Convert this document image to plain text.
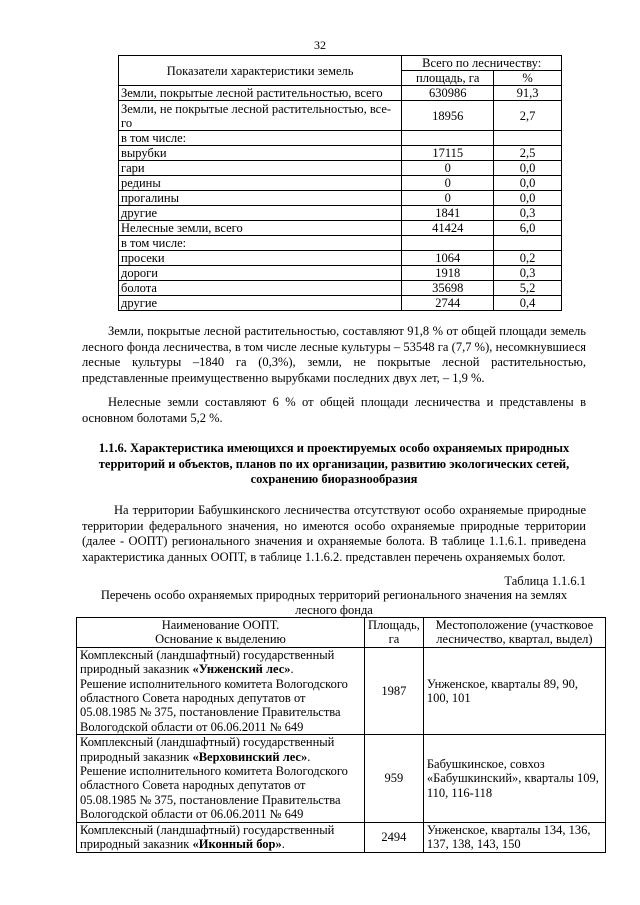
32
Показатели характеристики земель	Всего по лесничеству:	
	площадь, га	%
Земли, покрытые лесной растительностью, всего	630986	91,3
Земли, не покрытые лесной растительностью, все-
го	18956	2,7
в том числе:		
вырубки	17115	2,5
гари	0	0,0
редины	0	0,0
прогалины	0	0,0
другие	1841	0,3
Нелесные земли, всего	41424	6,0
в том числе:		
просеки	1064	0,2
дороги	1918	0,3
болота	35698	5,2
другие	2744	0,4
Земли, покрытые лесной растительностью, составляют 91,8 % от общей площади земель лесного фонда лесничества, в том числе лесные культуры – 53548 га (7,7 %), несомкнувшиеся лесные культуры –1840 га (0,3%), земли, не покрытые лесной растительностью, представленные преимущественно вырубками последних двух лет, – 1,9 %.
Нелесные земли составляют 6 % от общей площади лесничества и представлены в основном болотами 5,2 %.
1.1.6. Характеристика имеющихся и проектируемых особо охраняемых природных территорий и объектов, планов по их организации, развитию экологических сетей, сохранению биоразнообразия
На территории Бабушкинского лесничества отсутствуют особо охраняемые природные территории федерального значения, но имеются особо охраняемые природные территории (далее - ООПТ) регионального значения и охраняемые болота. В таблице 1.1.6.1. приведена характеристика данных ООПТ, в таблице 1.1.6.2. представлен перечень охраняемых болот.
Таблица 1.1.6.1
Перечень особо охраняемых природных территорий регионального значения на землях лесного фонда
Наименование ООПТ.
Основание к выделению	Площадь,
га	Местоположение (участковое лесничество, квартал, выдел)
Комплексный (ландшафтный) государственный природный заказник «Унженский лес».
Решение исполнительного комитета Вологодского областного Совета народных депутатов от 05.08.1985 № 375, постановление Правительства Вологодской области от 06.06.2011 № 649	1987	Унженское, кварталы 89, 90, 100, 101
Комплексный (ландшафтный) государственный природный заказник «Верховинский лес».
Решение исполнительного комитета Вологодского областного Совета народных депутатов от 05.08.1985 № 375, постановление Правительства Вологодской области от 06.06.2011 № 649	959	Бабушкинское, совхоз «Бабушкинский», кварталы 109, 110, 116-118
Комплексный (ландшафтный) государственный природный заказник «Иконный бор».	2494	Унженское, кварталы 134, 136, 137, 138, 143, 150
